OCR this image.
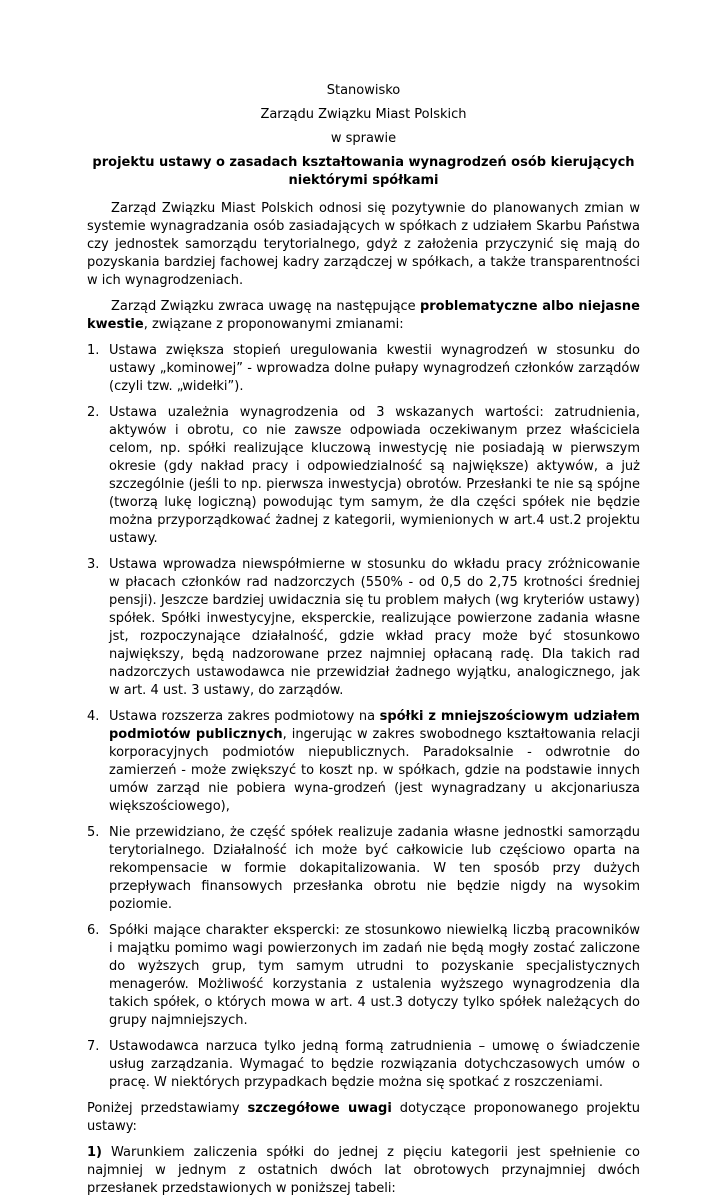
Stanowisko

Zarządu Związku Miast Polskich

w sprawie

projektu ustawy o zasadach kształtowania wynagrodzeń osób kierujących niektórymi spółkami

Zarząd Związku Miast Polskich odnosi się pozytywnie do planowanych zmian w systemie wynagradzania osób zasiadających w spółkach z udziałem Skarbu Państwa czy jednostek samorządu terytorialnego, gdyż z założenia przyczynić się mają do pozyskania bardziej fachowej kadry zarządczej w spółkach, a także transparentności w ich wynagrodzeniach.

Zarząd Związku zwraca uwagę na następujące problematyczne albo niejasne kwestie, związane z proponowanymi zmianami:

1. Ustawa zwiększa stopień uregulowania kwestii wynagrodzeń w stosunku do ustawy „kominowej” - wprowadza dolne pułapy wynagrodzeń członków zarządów (czyli tzw. „widełki”).
2. Ustawa uzależnia wynagrodzenia od 3 wskazanych wartości: zatrudnienia, aktywów i obrotu, co nie zawsze odpowiada oczekiwanym przez właściciela celom, np. spółki realizujące kluczową inwestycję nie posiadają w pierwszym okresie (gdy nakład pracy i odpowiedzialność są największe) aktywów, a już szczególnie (jeśli to np. pierwsza inwestycja) obrotów. Przesłanki te nie są spójne (tworzą lukę logiczną) powodując tym samym, że dla części spółek nie będzie można przyporządkować żadnej z kategorii, wymienionych w art.4 ust.2 projektu ustawy.
3. Ustawa wprowadza niewspółmierne w stosunku do wkładu pracy zróżnicowanie w płacach członków rad nadzorczych (550% - od 0,5 do 2,75 krotności średniej pensji). Jeszcze bardziej uwidacznia się tu problem małych (wg kryteriów ustawy) spółek. Spółki inwestycyjne, eksperckie, realizujące powierzone zadania własne jst, rozpoczynające działalność, gdzie wkład pracy może być stosunkowo największy, będą nadzorowane przez najmniej opłacaną radę. Dla takich rad nadzorczych ustawodawca nie przewidział żadnego wyjątku, analogicznego, jak w art. 4 ust. 3 ustawy, do zarządów.
4. Ustawa rozszerza zakres podmiotowy na spółki z mniejszościowym udziałem podmiotów publicznych, ingerując w zakres swobodnego kształtowania relacji korporacyjnych podmiotów niepublicznych. Paradoksalnie - odwrotnie do zamierzeń - może zwiększyć to koszt np. w spółkach, gdzie na podstawie innych umów zarząd nie pobiera wyna-grodzeń (jest wynagradzany u akcjonariusza większościowego),
5. Nie przewidziano, że część spółek realizuje zadania własne jednostki samorządu terytorialnego. Działalność ich może być całkowicie lub częściowo oparta na rekompensacie w formie dokapitalizowania. W ten sposób przy dużych przepływach finansowych przesłanka obrotu nie będzie nigdy na wysokim poziomie.
6. Spółki mające charakter ekspercki: ze stosunkowo niewielką liczbą pracowników i majątku pomimo wagi powierzonych im zadań nie będą mogły zostać zaliczone do wyższych grup, tym samym utrudni to pozyskanie specjalistycznych menagerów. Możliwość korzystania z ustalenia wyższego wynagrodzenia dla takich spółek, o których mowa w art. 4 ust.3 dotyczy tylko spółek należących do grupy najmniejszych.
7. Ustawodawca narzuca tylko jedną formą zatrudnienia – umowę o świadczenie usług zarządzania. Wymagać to będzie rozwiązania dotychczasowych umów o pracę. W niektórych przypadkach będzie można się spotkać z roszczeniami.

Poniżej przedstawiamy szczegółowe uwagi dotyczące proponowanego projektu ustawy:

1) Warunkiem zaliczenia spółki do jednej z pięciu kategorii jest spełnienie co najmniej w jednym z ostatnich dwóch lat obrotowych przynajmniej dwóch przesłanek przedstawionych w poniższej tabeli:
